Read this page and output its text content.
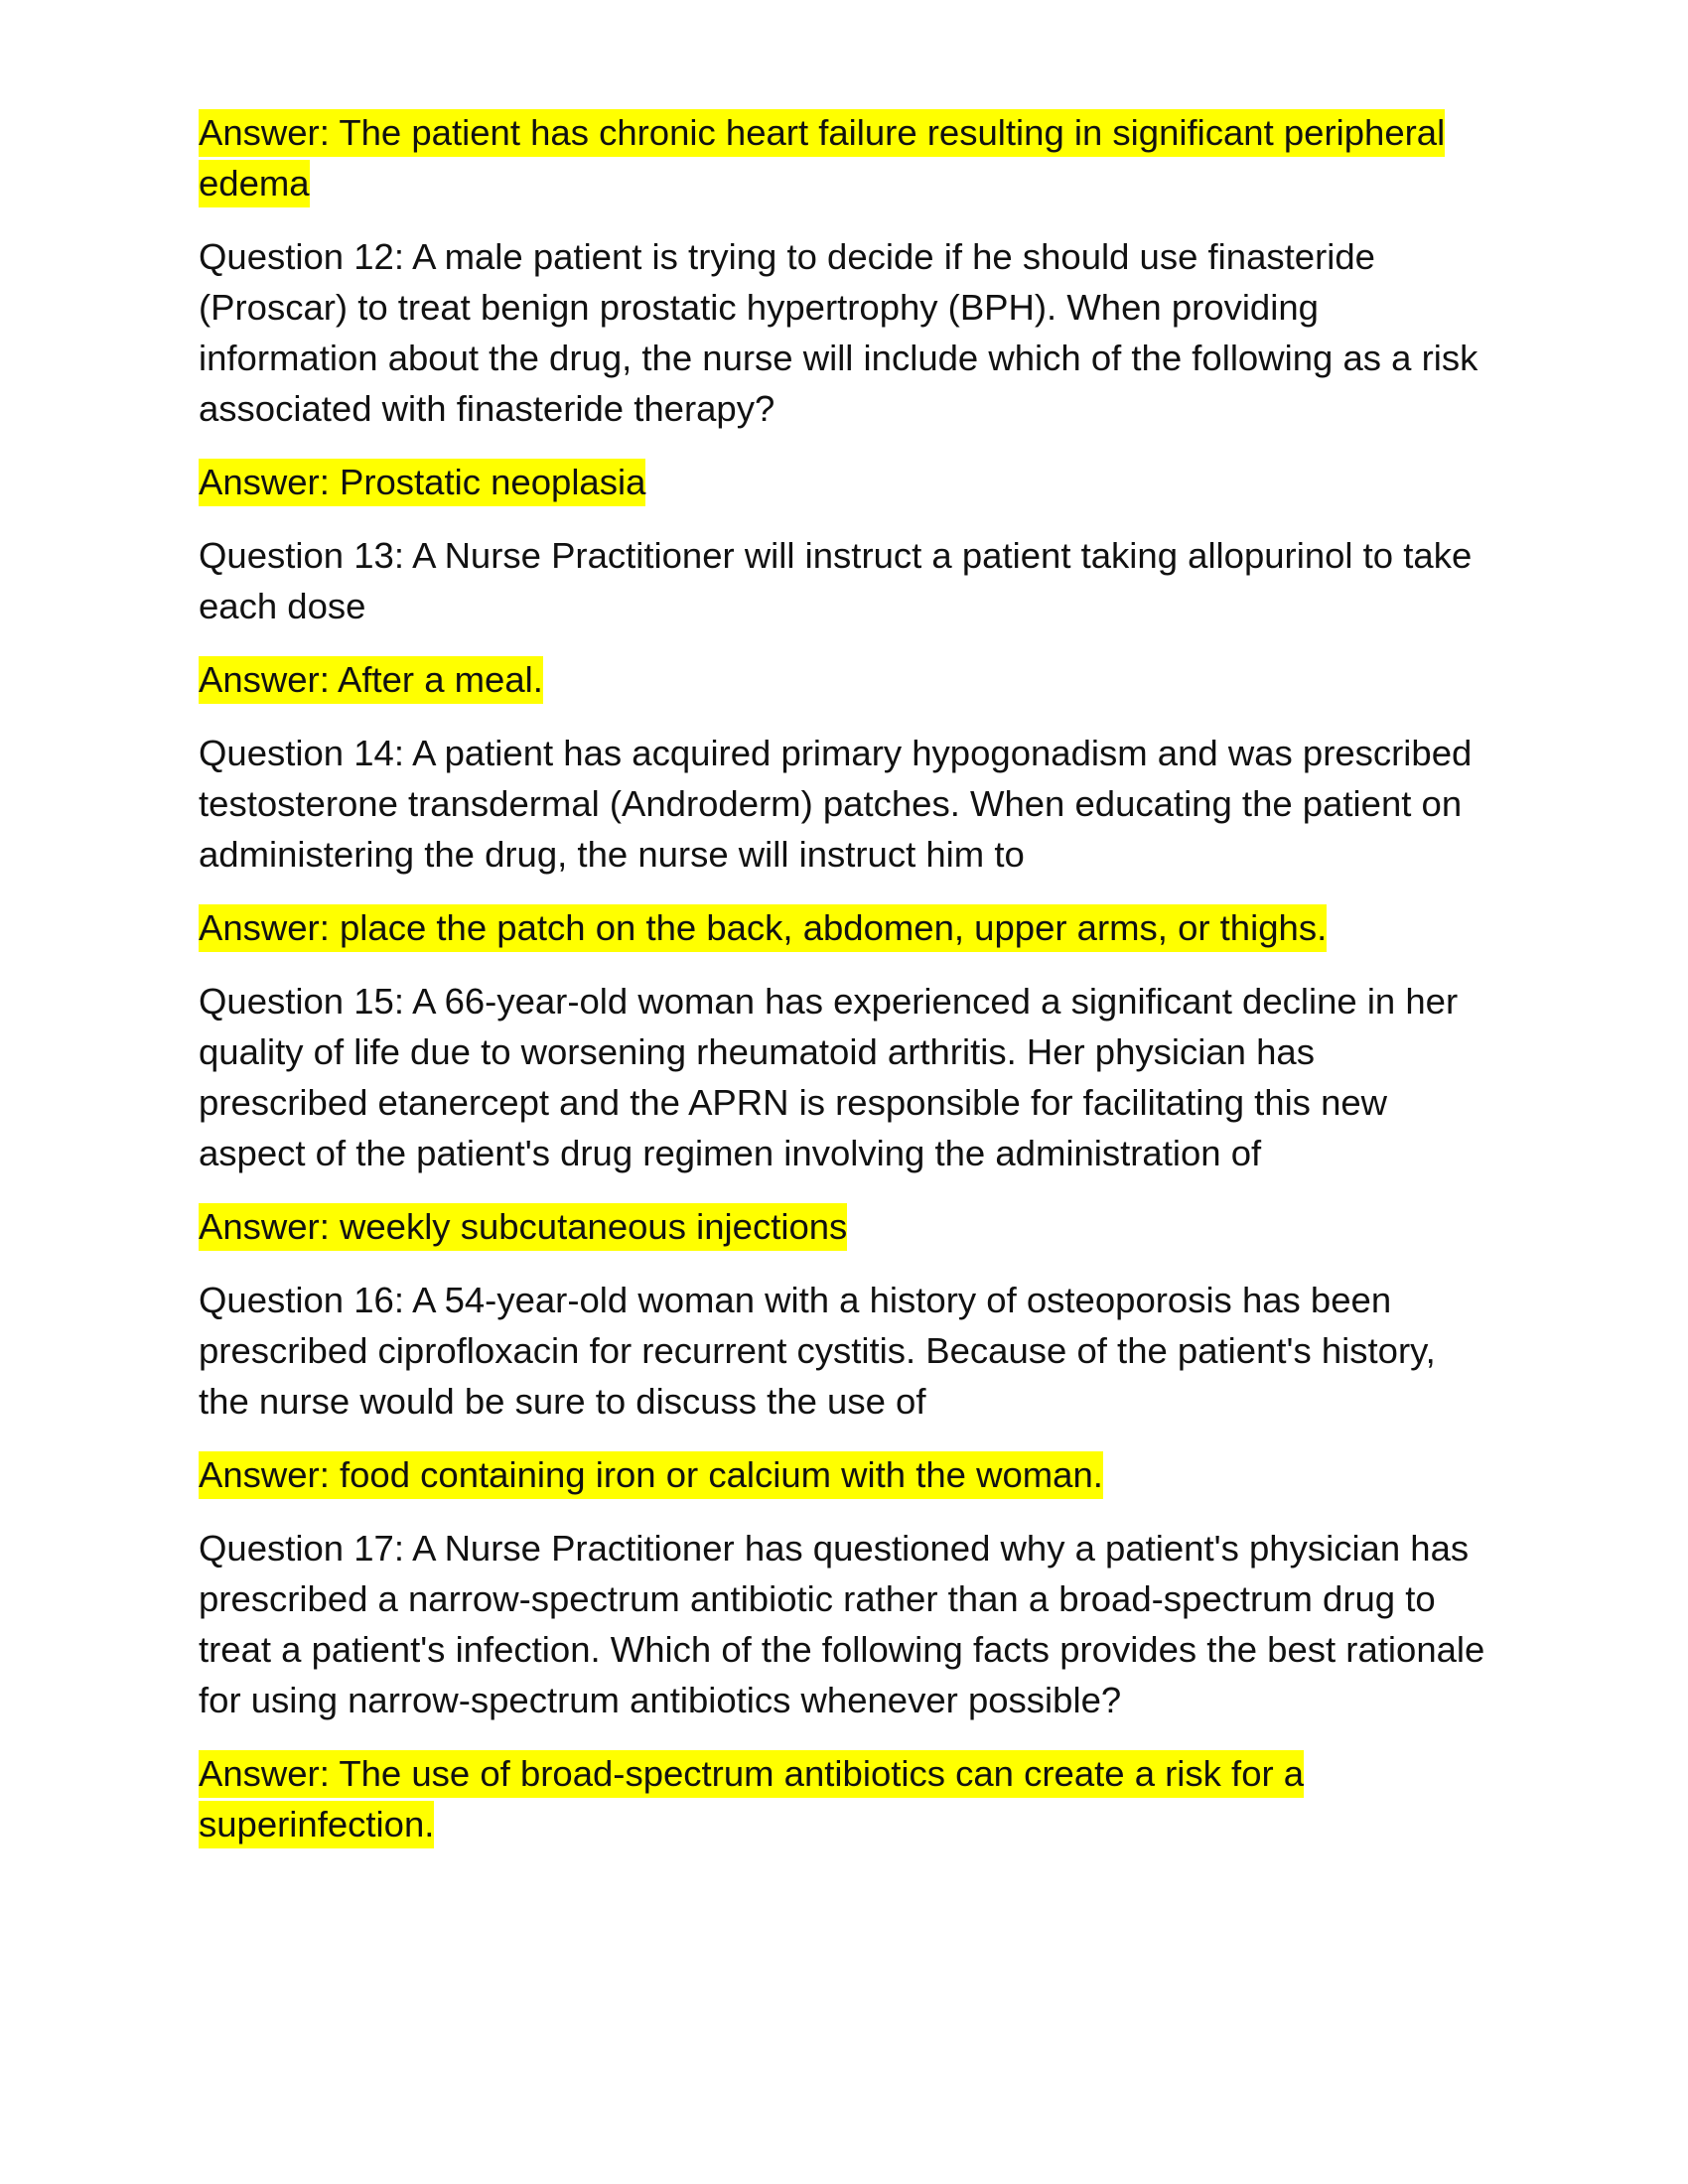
Answer: The patient has chronic heart failure resulting in significant peripheral edema

Question 12: A male patient is trying to decide if he should use finasteride (Proscar) to treat benign prostatic hypertrophy (BPH). When providing information about the drug, the nurse will include which of the following as a risk associated with finasteride therapy?

Answer: Prostatic neoplasia

Question 13: A Nurse Practitioner will instruct a patient taking allopurinol to take each dose

Answer: After a meal.

Question 14: A patient has acquired primary hypogonadism and was prescribed testosterone transdermal (Androderm) patches. When educating the patient on administering the drug, the nurse will instruct him to

Answer: place the patch on the back, abdomen, upper arms, or thighs.

Question 15: A 66-year-old woman has experienced a significant decline in her quality of life due to worsening rheumatoid arthritis. Her physician has prescribed etanercept and the APRN is responsible for facilitating this new aspect of the patient's drug regimen involving the administration of

Answer: weekly subcutaneous injections

Question 16: A 54-year-old woman with a history of osteoporosis has been prescribed ciprofloxacin for recurrent cystitis. Because of the patient's history, the nurse would be sure to discuss the use of

Answer: food containing iron or calcium with the woman.

Question 17: A Nurse Practitioner has questioned why a patient's physician has prescribed a narrow-spectrum antibiotic rather than a broad-spectrum drug to treat a patient's infection. Which of the following facts provides the best rationale for using narrow-spectrum antibiotics whenever possible?

Answer: The use of broad-spectrum antibiotics can create a risk for a superinfection.
